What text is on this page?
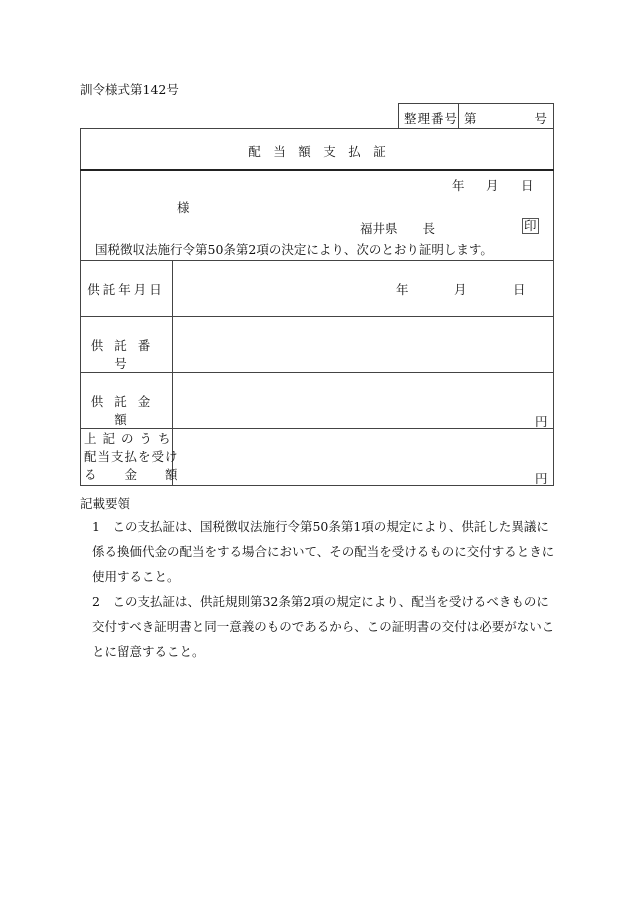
訓令様式第142号
整理番号 第	号
配　当　額　支　払　証
年 月 日
様
福井県　　長	印
国税徴収法施行令第50条第2項の決定により、次のとおり証明します。
供託年月日	年	月	日
供託番号
供託金額	円
上記のうち
配当支払を受け
る　　金　　額	円
記載要領
1　この支払証は、国税徴収法施行令第50条第1項の規定により、供託した異議に係る換価代金の配当をする場合において、その配当を受けるものに交付するときに使用すること。
2　この支払証は、供託規則第32条第2項の規定により、配当を受けるべきものに交付すべき証明書と同一意義のものであるから、この証明書の交付は必要がないことに留意すること。
